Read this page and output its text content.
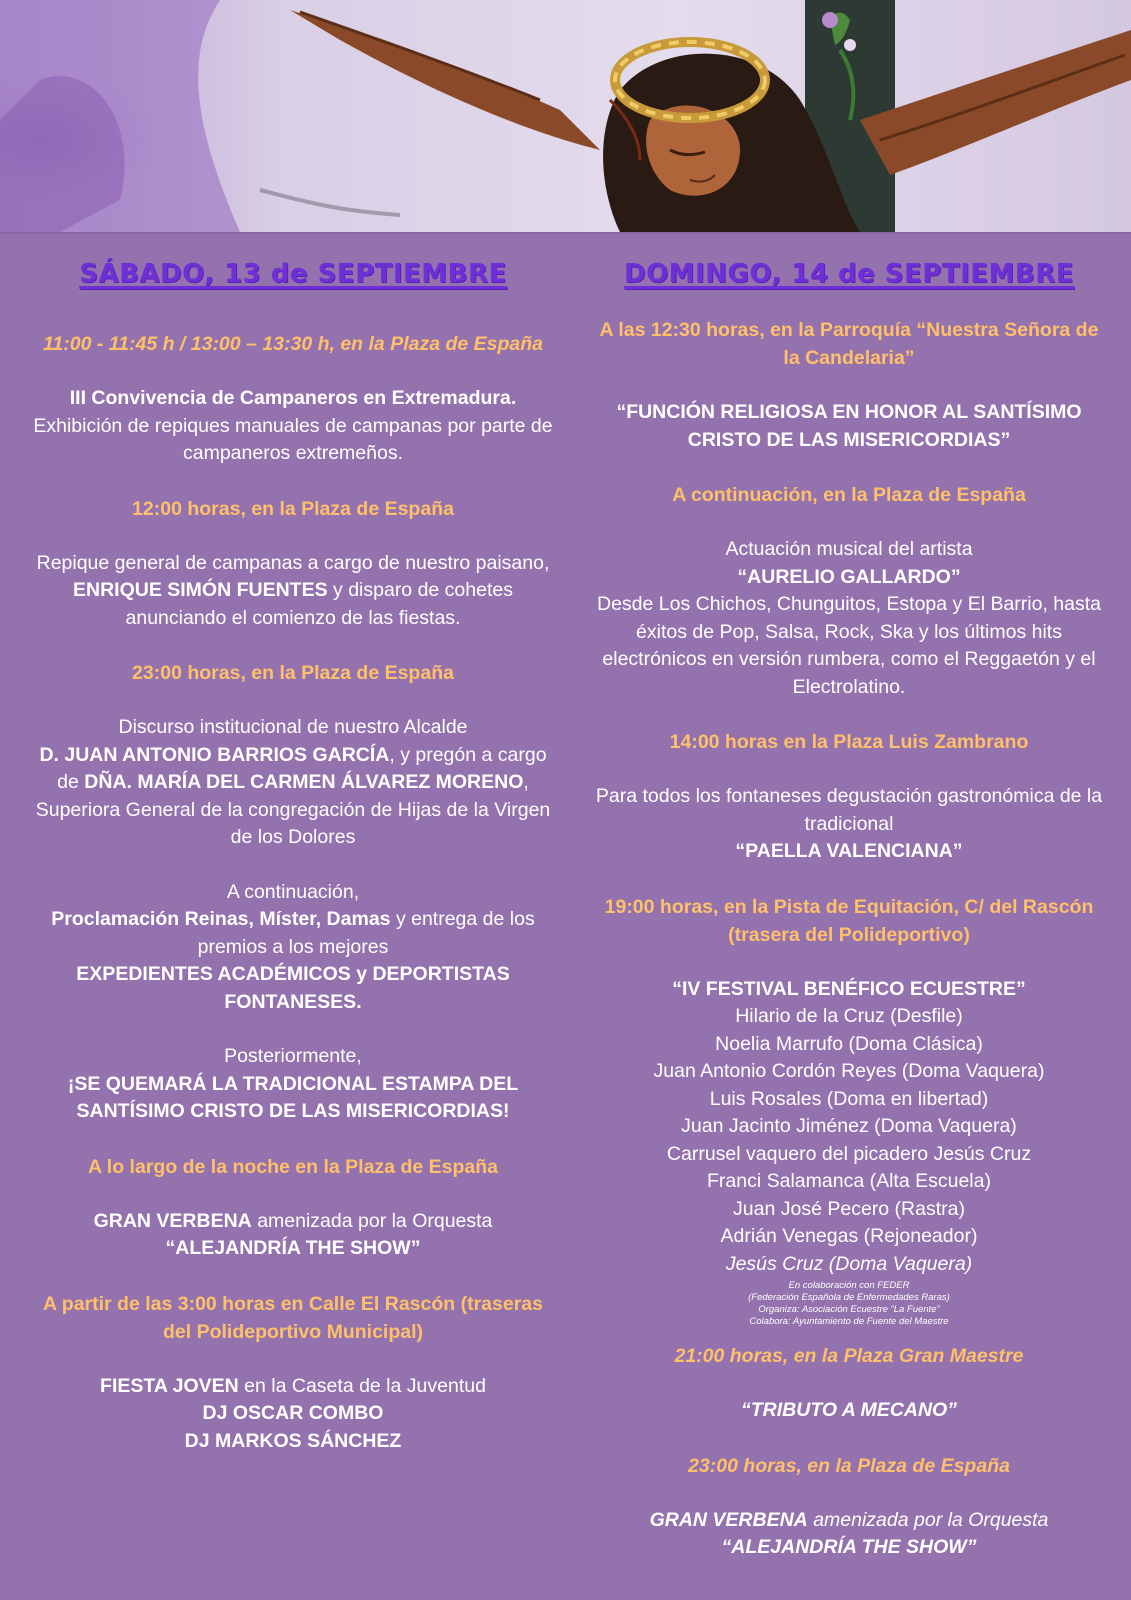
SÁBADO, 13 de SEPTIEMBRE

11:00 - 11:45 h / 13:00 – 13:30 h, en la Plaza de España

III Convivencia de Campaneros en Extremadura. Exhibición de repiques manuales de campanas por parte de campaneros extremeños.

12:00 horas, en la Plaza de España

Repique general de campanas a cargo de nuestro paisano, ENRIQUE SIMÓN FUENTES y disparo de cohetes anunciando el comienzo de las fiestas.

23:00 horas, en la Plaza de España

Discurso institucional de nuestro Alcalde
D. JUAN ANTONIO BARRIOS GARCÍA, y pregón a cargo de DÑA. MARÍA DEL CARMEN ÁLVAREZ MORENO, Superiora General de la congregación de Hijas de la Virgen de los Dolores

A continuación,
Proclamación Reinas, Míster, Damas y entrega de los premios a los mejores
EXPEDIENTES ACADÉMICOS y DEPORTISTAS FONTANESES.

Posteriormente,
¡SE QUEMARÁ LA TRADICIONAL ESTAMPA DEL SANTÍSIMO CRISTO DE LAS MISERICORDIAS!

A lo largo de la noche en la Plaza de España

GRAN VERBENA amenizada por la Orquesta
“ALEJANDRÍA THE SHOW”

A partir de las 3:00 horas en Calle El Rascón (traseras del Polideportivo Municipal)

FIESTA JOVEN en la Caseta de la Juventud
DJ OSCAR COMBO
DJ MARKOS SÁNCHEZ

DOMINGO, 14 de SEPTIEMBRE

A las 12:30 horas, en la Parroquía “Nuestra Señora de la Candelaria”

“FUNCIÓN RELIGIOSA EN HONOR AL SANTÍSIMO CRISTO DE LAS MISERICORDIAS”

A continuación, en la Plaza de España

Actuación musical del artista
“AURELIO GALLARDO”
Desde Los Chichos, Chunguitos, Estopa y El Barrio, hasta éxitos de Pop, Salsa, Rock, Ska y los últimos hits electrónicos en versión rumbera, como el Reggaetón y el Electrolatino.

14:00 horas en la Plaza Luis Zambrano

Para todos los fontaneses degustación gastronómica de la tradicional
“PAELLA VALENCIANA”

19:00 horas, en la Pista de Equitación, C/ del Rascón (trasera del Polideportivo)

“IV FESTIVAL BENÉFICO ECUESTRE”

Hilario de la Cruz (Desfile)

Noelia Marrufo (Doma Clásica)

Juan Antonio Cordón Reyes (Doma Vaquera)

Luis Rosales (Doma en libertad)

Juan Jacinto Jiménez (Doma Vaquera)

Carrusel vaquero del picadero Jesús Cruz

Franci Salamanca (Alta Escuela)

Juan José Pecero (Rastra)

Adrián Venegas (Rejoneador)

Jesús Cruz (Doma Vaquera)

En colaboración con FEDER

(Federación Española de Enfermedades Raras)

Organiza: Asociación Ecuestre “La Fuente”

Colabora: Ayuntamiento de Fuente del Maestre

21:00 horas, en la Plaza Gran Maestre

“TRIBUTO A MECANO”

23:00 horas, en la Plaza de España

GRAN VERBENA amenizada por la Orquesta
“ALEJANDRÍA THE SHOW”
